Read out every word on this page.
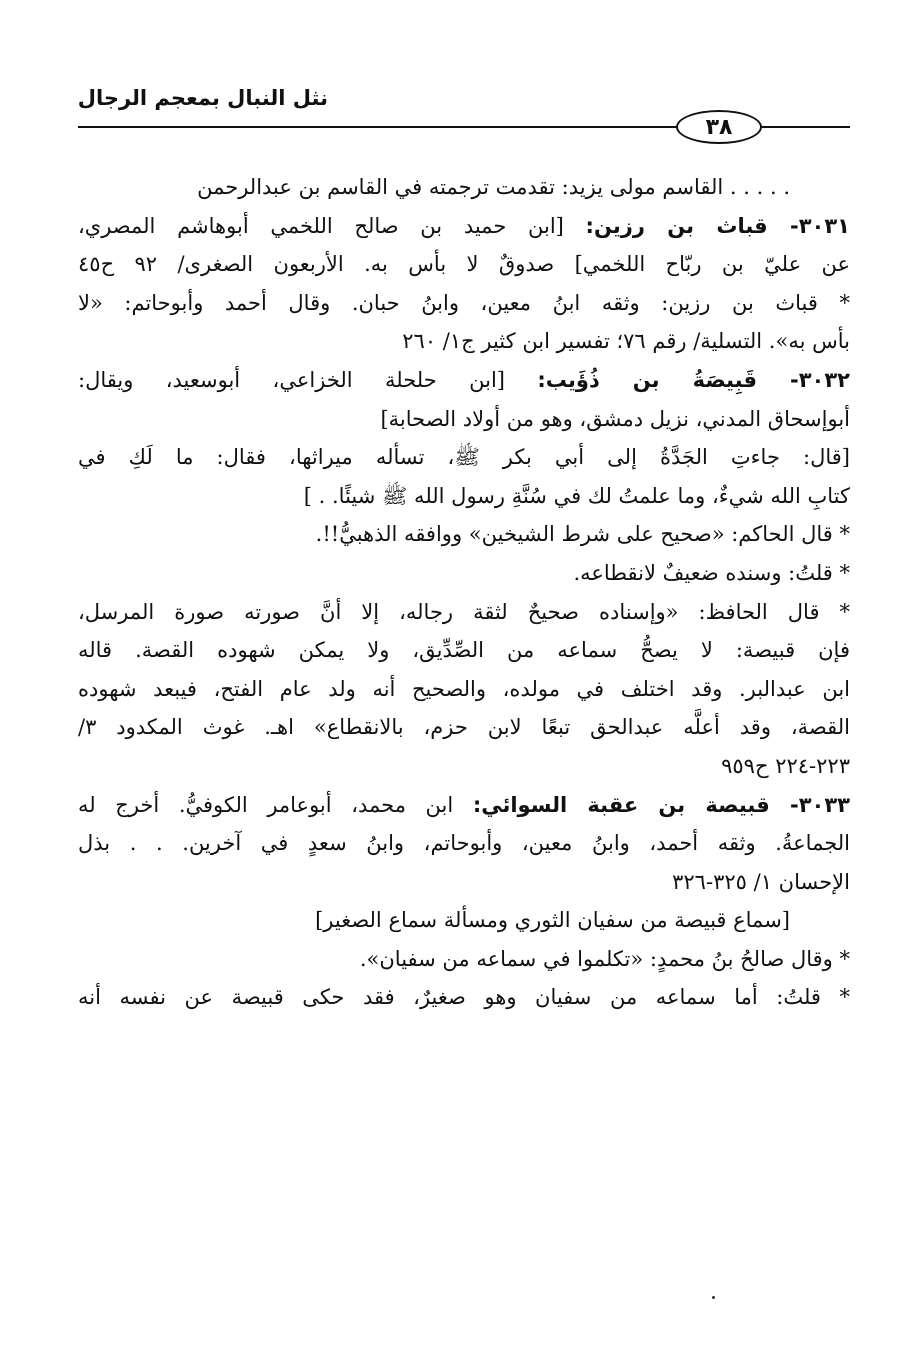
نثل النبال بمعجم الرجال
٣٨
. . . . . القاسم مولى يزيد: تقدمت ترجمته في القاسم بن عبدالرحمن
٣٠٣١- قباث بن رزين: [ابن حميد بن صالح اللخمي أبوهاشم المصري،
عن عليّ بن ربّاح اللخمي] صدوقٌ لا بأس به. الأربعون الصغرى/ ٩٢ ح٤٥
* قباث بن رزين: وثقه ابنُ معين، وابنُ حبان. وقال أحمد وأبوحاتم: «لا
بأس به». التسلية/ رقم ٧٦؛ تفسير ابن كثير ج١/ ٢٦٠
٣٠٣٢- قَبِيصَةُ بن ذُؤَيب: [ابن حلحلة الخزاعي، أبوسعيد، ويقال:
أبوإسحاق المدني، نزيل دمشق، وهو من أولاد الصحابة]
[قال: جاءتِ الجَدَّةُ إلى أبي بكر ﷺ، تسأله ميراثها، فقال: ما لَكِ في
كتابِ الله شيءٌ، وما علمتُ لك في سُنَّةِ رسول الله ﷺ شيئًا. . ]
* قال الحاكم: «صحيح على شرط الشيخين» ووافقه الذهبيُّ!!.
* قلتُ: وسنده ضعيفٌ لانقطاعه.
* قال الحافظ: «وإسناده صحيحٌ لثقة رجاله، إلا أنَّ صورته صورة المرسل،
فإن قبيصة: لا يصحُّ سماعه من الصِّدِّيق، ولا يمكن شهوده القصة. قاله
ابن عبدالبر. وقد اختلف في مولده، والصحيح أنه ولد عام الفتح، فيبعد شهوده
القصة، وقد أعلَّه عبدالحق تبعًا لابن حزم، بالانقطاع» اهـ. غوث المكدود ٣/
٢٢٣-٢٢٤ ح٩٥٩
٣٠٣٣- قبيصة بن عقبة السوائي: ابن محمد، أبوعامر الكوفيُّ. أخرج له
الجماعةُ. وثقه أحمد، وابنُ معين، وأبوحاتم، وابنُ سعدٍ في آخرين. . . بذل
الإحسان ١/ ٣٢٥-٣٢٦
[سماع قبيصة من سفيان الثوري ومسألة سماع الصغير]
* وقال صالحُ بنُ محمدٍ: «تكلموا في سماعه من سفيان».
* قلتُ: أما سماعه من سفيان وهو صغيرٌ، فقد حكى قبيصة عن نفسه أنه
